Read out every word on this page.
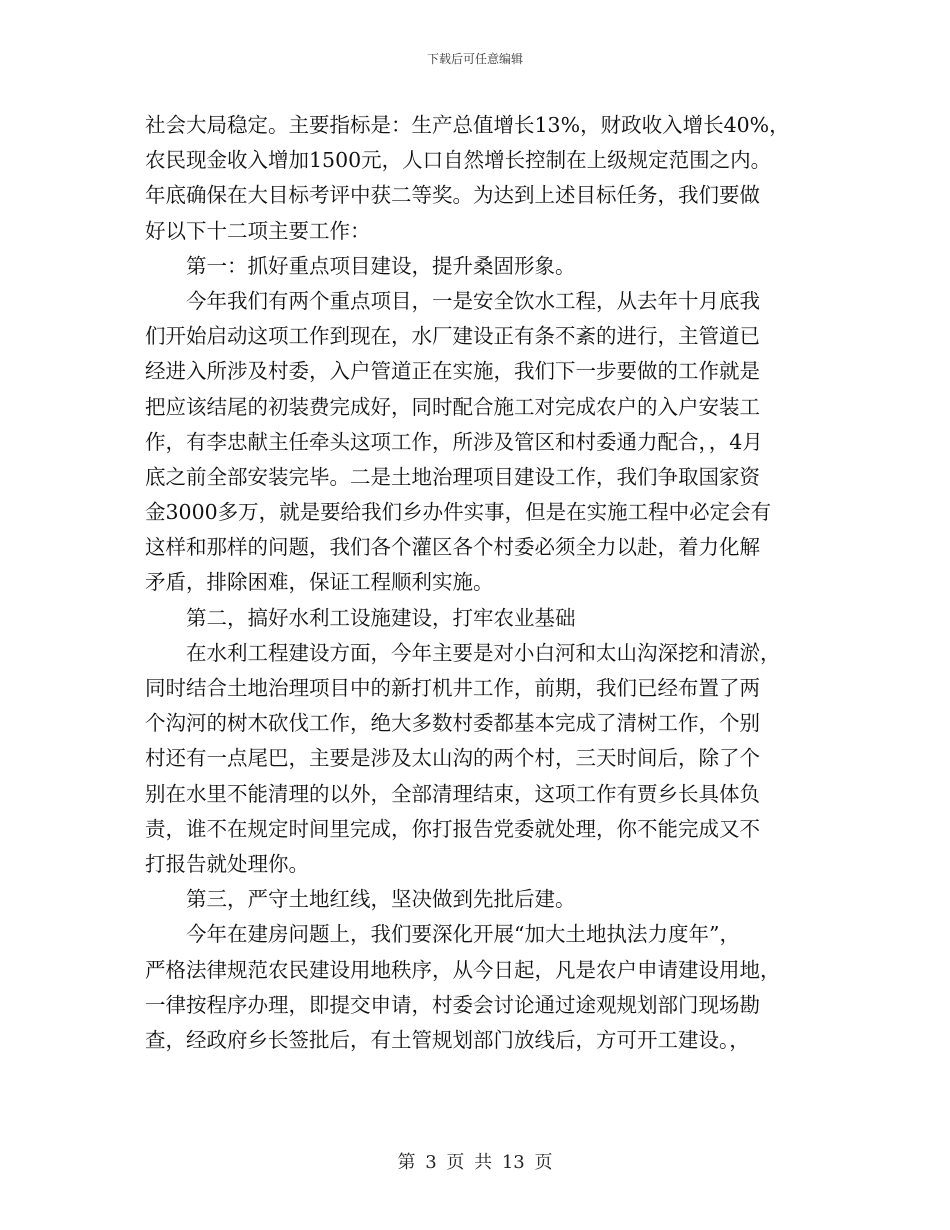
下载后可任意编辑
社会大局稳定。主要指标是：生产总值增长13%，财政收入增长40%，
农民现金收入增加1500元，人口自然增长控制在上级规定范围之内。
年底确保在大目标考评中获二等奖。为达到上述目标任务，我们要做
好以下十二项主要工作：
第一：抓好重点项目建设，提升桑固形象。
今年我们有两个重点项目，一是安全饮水工程，从去年十月底我
们开始启动这项工作到现在，水厂建设正有条不紊的进行，主管道已
经进入所涉及村委，入户管道正在实施，我们下一步要做的工作就是
把应该结尾的初装费完成好，同时配合施工对完成农户的入户安装工
作，有李忠献主任牵头这项工作，所涉及管区和村委通力配合，，4月
底之前全部安装完毕。二是土地治理项目建设工作，我们争取国家资
金3000多万，就是要给我们乡办件实事，但是在实施工程中必定会有
这样和那样的问题，我们各个灌区各个村委必须全力以赴，着力化解
矛盾，排除困难，保证工程顺利实施。
第二，搞好水利工设施建设，打牢农业基础
在水利工程建设方面，今年主要是对小白河和太山沟深挖和清淤，
同时结合土地治理项目中的新打机井工作，前期，我们已经布置了两
个沟河的树木砍伐工作，绝大多数村委都基本完成了清树工作，个别
村还有一点尾巴，主要是涉及太山沟的两个村，三天时间后，除了个
别在水里不能清理的以外，全部清理结束，这项工作有贾乡长具体负
责，谁不在规定时间里完成，你打报告党委就处理，你不能完成又不
打报告就处理你。
第三，严守土地红线，坚决做到先批后建。
今年在建房问题上，我们要深化开展“加大土地执法力度年”，
严格法律规范农民建设用地秩序，从今日起，凡是农户申请建设用地，
一律按程序办理，即提交申请，村委会讨论通过途观规划部门现场勘
查，经政府乡长签批后，有土管规划部门放线后，方可开工建设。，
第 3 页 共 13 页
